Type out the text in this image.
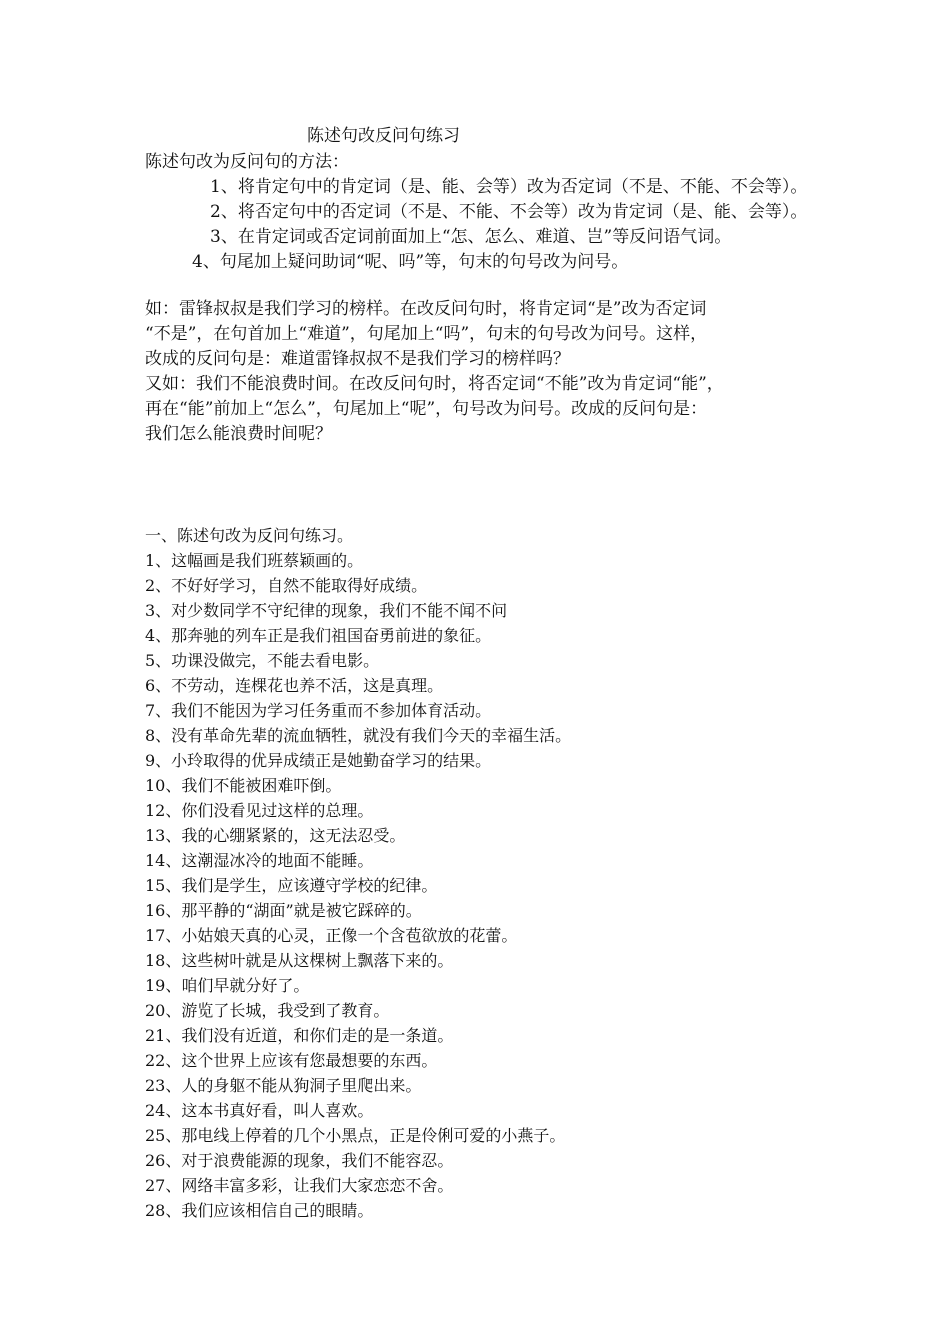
陈述句改反问句练习
陈述句改为反问句的方法：
1、将肯定句中的肯定词（是、能、会等）改为否定词（不是、不能、不会等）。
2、将否定句中的否定词（不是、不能、不会等）改为肯定词（是、能、会等）。
3、在肯定词或否定词前面加上“怎、怎么、难道、岂”等反问语气词。
4、句尾加上疑问助词“呢、吗”等，句末的句号改为问号。
如：雷锋叔叔是我们学习的榜样。在改反问句时，将肯定词“是”改为否定词
“不是”，在句首加上“难道”，句尾加上“吗”，句末的句号改为问号。这样，
改成的反问句是：难道雷锋叔叔不是我们学习的榜样吗？
又如：我们不能浪费时间。在改反问句时，将否定词“不能”改为肯定词“能”，
再在“能”前加上“怎么”，句尾加上“呢”，句号改为问号。改成的反问句是：
我们怎么能浪费时间呢？
一、陈述句改为反问句练习。
1、这幅画是我们班蔡颖画的。
2、不好好学习，自然不能取得好成绩。
3、对少数同学不守纪律的现象，我们不能不闻不问
4、那奔驰的列车正是我们祖国奋勇前进的象征。
5、功课没做完，不能去看电影。
6、不劳动，连棵花也养不活，这是真理。
7、我们不能因为学习任务重而不参加体育活动。
8、没有革命先辈的流血牺牲，就没有我们今天的幸福生活。
9、小玲取得的优异成绩正是她勤奋学习的结果。
10、我们不能被困难吓倒。
12、你们没看见过这样的总理。
13、我的心绷紧紧的，这无法忍受。
14、这潮湿冰冷的地面不能睡。
15、我们是学生，应该遵守学校的纪律。
16、那平静的“湖面”就是被它踩碎的。
17、小姑娘天真的心灵，正像一个含苞欲放的花蕾。
18、这些树叶就是从这棵树上飘落下来的。
19、咱们早就分好了。
20、游览了长城，我受到了教育。
21、我们没有近道，和你们走的是一条道。
22、这个世界上应该有您最想要的东西。
23、人的身躯不能从狗洞子里爬出来。
24、这本书真好看，叫人喜欢。
25、那电线上停着的几个小黑点，正是伶俐可爱的小燕子。
26、对于浪费能源的现象，我们不能容忍。
27、网络丰富多彩，让我们大家恋恋不舍。
28、我们应该相信自己的眼睛。
